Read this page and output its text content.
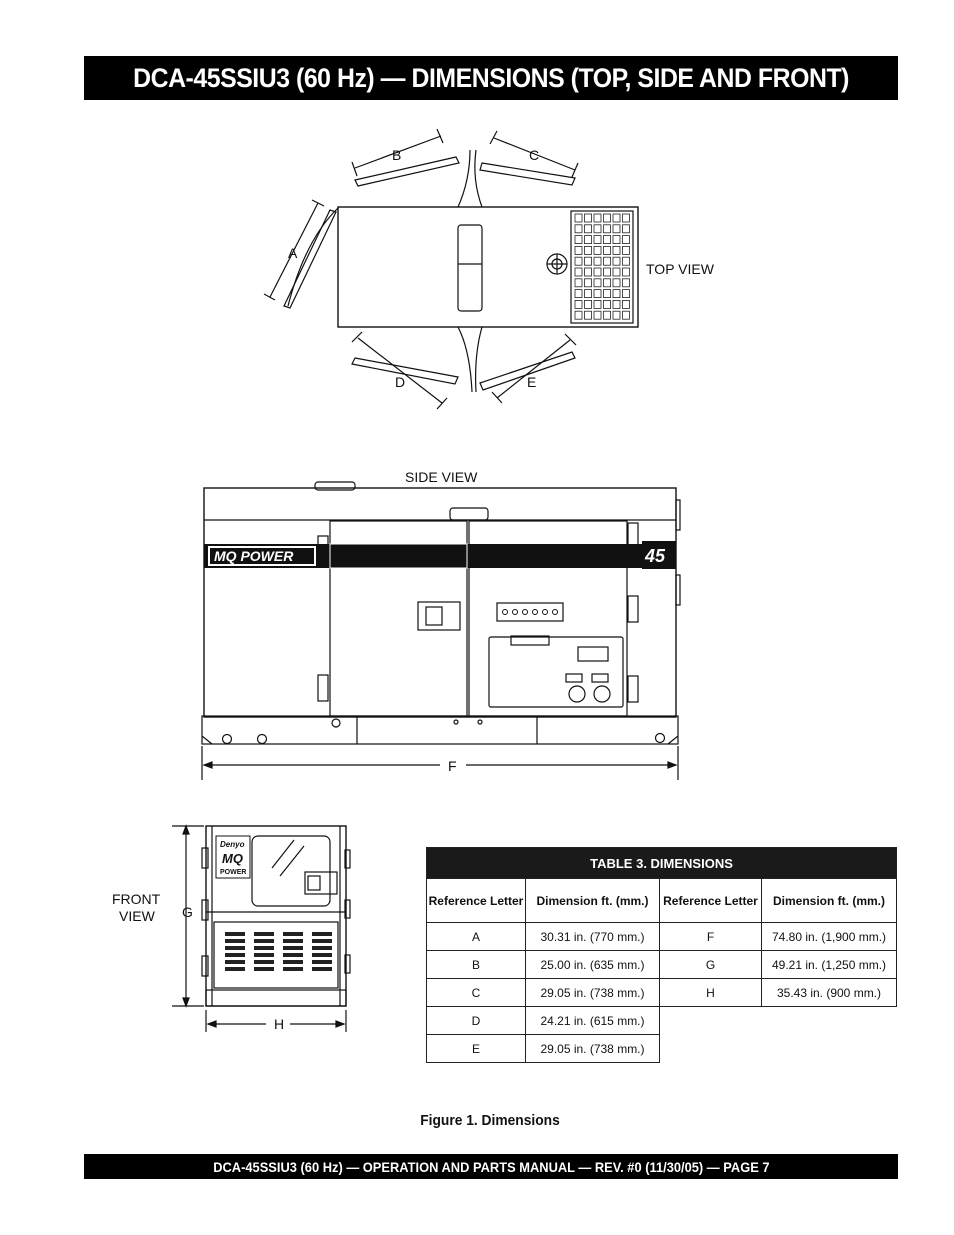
DCA-45SSIU3 (60 Hz) — DIMENSIONS (TOP, SIDE AND FRONT)
A
B	C
D	E
TOP VIEW
SIDE VIEW
F
MQ POWER	45
Denyo
MQ
POWER
FRONT
VIEW G
H
TABLE 3. DIMENSIONS			
Reference Letter	Dimension ft. (mm.)	Reference Letter	Dimension ft. (mm.)
A	30.31 in. (770 mm.)	F	74.80 in. (1,900 mm.)
B	25.00 in. (635 mm.)	G	49.21 in. (1,250 mm.)
C	29.05 in. (738 mm.)	H	35.43 in. (900 mm.)
D	24.21 in. (615 mm.)		
E	29.05 in. (738 mm.)		
Figure 1. Dimensions
DCA-45SSIU3 (60 Hz) — OPERATION AND PARTS MANUAL — REV. #0 (11/30/05) — PAGE 7
